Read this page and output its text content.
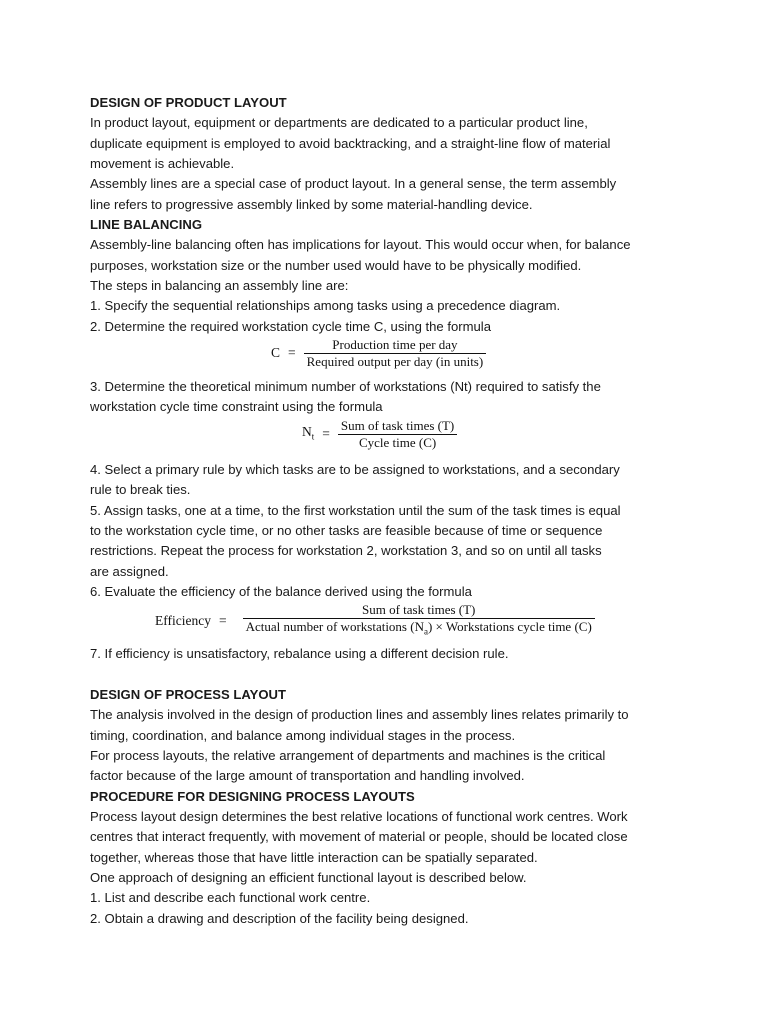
DESIGN OF PRODUCT LAYOUT
In product layout, equipment or departments are dedicated to a particular product line,
duplicate equipment is employed to avoid backtracking, and a straight-line flow of material
movement is achievable.
Assembly lines are a special case of product layout. In a general sense, the term assembly
line refers to progressive assembly linked by some material-handling device.
LINE BALANCING
Assembly-line balancing often has implications for layout. This would occur when, for balance
purposes, workstation size or the number used would have to be physically modified.
The steps in balancing an assembly line are:
1. Specify the sequential relationships among tasks using a precedence diagram.
2. Determine the required workstation cycle time C, using the formula
$C = \frac{\text{Production time per day}}{\text{Required output per day (in units)}}$
3. Determine the theoretical minimum number of workstations (Nt) required to satisfy the
workstation cycle time constraint using the formula
$N_t = \frac{\text{Sum of task times (T)}}{\text{Cycle time (C)}}$
4. Select a primary rule by which tasks are to be assigned to workstations, and a secondary
rule to break ties.
5. Assign tasks, one at a time, to the first workstation until the sum of the task times is equal
to the workstation cycle time, or no other tasks are feasible because of time or sequence
restrictions. Repeat the process for workstation 2, workstation 3, and so on until all tasks
are assigned.
6. Evaluate the efficiency of the balance derived using the formula
Efficiency =
Sum of task times (T)
Actual number of workstations $(N_a)$ × Workstations cycle time (C)
7. If efficiency is unsatisfactory, rebalance using a different decision rule.
DESIGN OF PROCESS LAYOUT
The analysis involved in the design of production lines and assembly lines relates primarily to
timing, coordination, and balance among individual stages in the process.
For process layouts, the relative arrangement of departments and machines is the critical
factor because of the large amount of transportation and handling involved.
PROCEDURE FOR DESIGNING PROCESS LAYOUTS
Process layout design determines the best relative locations of functional work centres. Work
centres that interact frequently, with movement of material or people, should be located close
together, whereas those that have little interaction can be spatially separated.
One approach of designing an efficient functional layout is described below.
1. List and describe each functional work centre.
2. Obtain a drawing and description of the facility being designed.
